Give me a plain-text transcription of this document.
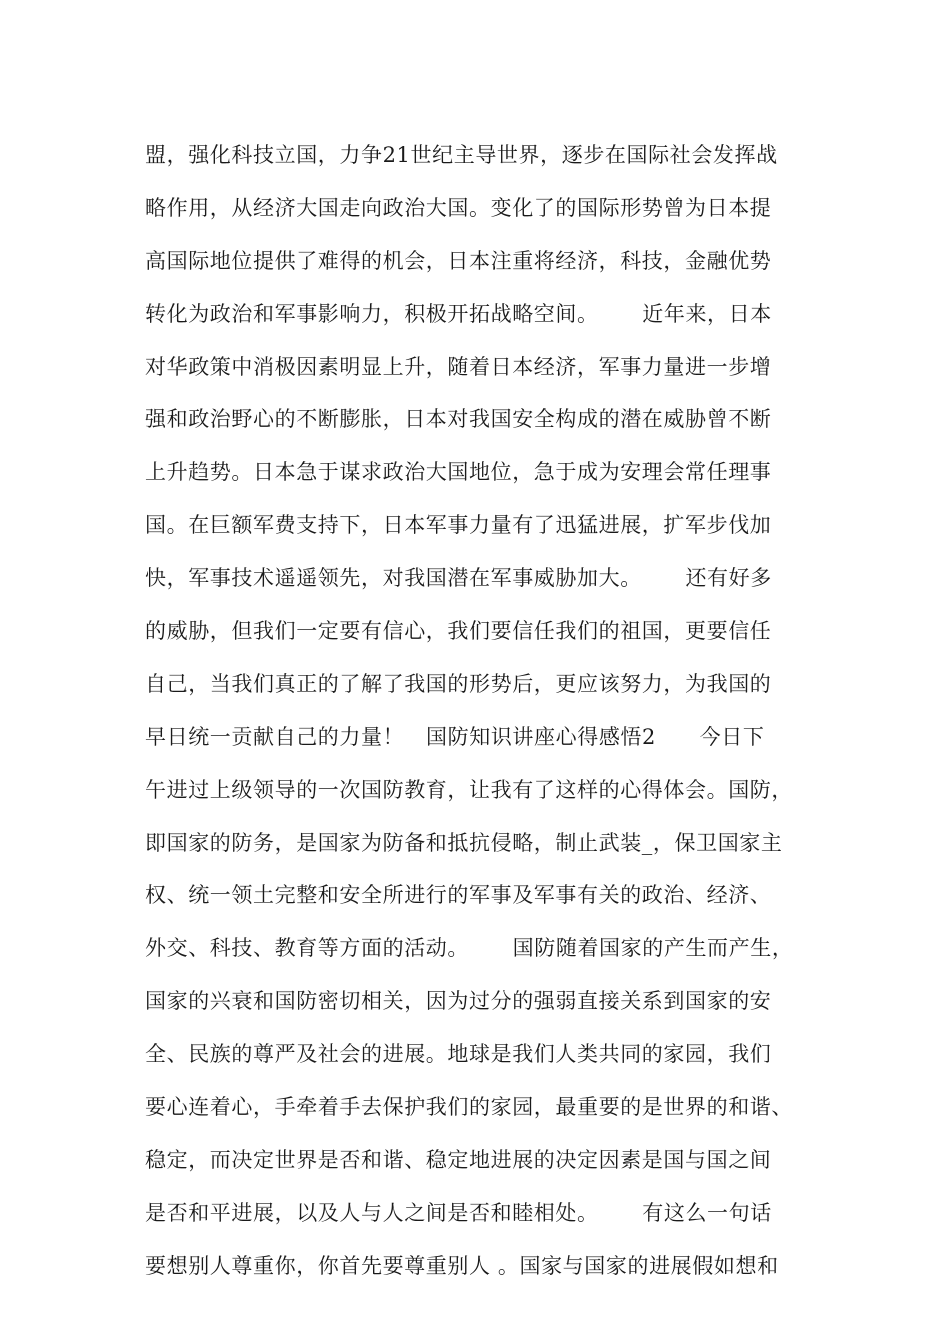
盟，强化科技立国，力争21世纪主导世界，逐步在国际社会发挥战
略作用，从经济大国走向政治大国。变化了的国际形势曾为日本提
高国际地位提供了难得的机会，日本注重将经济，科技，金融优势
转化为政治和军事影响力，积极开拓战略空间。      近年来，日本
对华政策中消极因素明显上升，随着日本经济，军事力量进一步增
强和政治野心的不断膨胀，日本对我国安全构成的潜在威胁曾不断
上升趋势。日本急于谋求政治大国地位，急于成为安理会常任理事
国。在巨额军费支持下，日本军事力量有了迅猛进展，扩军步伐加
快，军事技术遥遥领先，对我国潜在军事威胁加大。      还有好多
的威胁，但我们一定要有信心，我们要信任我们的祖国，更要信任
自己，当我们真正的了解了我国的形势后，更应该努力，为我国的
早日统一贡献自己的力量！   国防知识讲座心得感悟2      今日下
午进过上级领导的一次国防教育，让我有了这样的心得体会。国防，
即国家的防务，是国家为防备和抵抗侵略，制止武装_，保卫国家主
权、统一领土完整和安全所进行的军事及军事有关的政治、经济、
外交、科技、教育等方面的活动。      国防随着国家的产生而产生，
国家的兴衰和国防密切相关，因为过分的强弱直接关系到国家的安
全、民族的尊严及社会的进展。地球是我们人类共同的家园，我们
要心连着心，手牵着手去保护我们的家园，最重要的是世界的和谐、
稳定，而决定世界是否和谐、稳定地进展的决定因素是国与国之间
是否和平进展，以及人与人之间是否和睦相处。      有这么一句话
要想别人尊重你，你首先要尊重别人 。国家与国家的进展假如想和
